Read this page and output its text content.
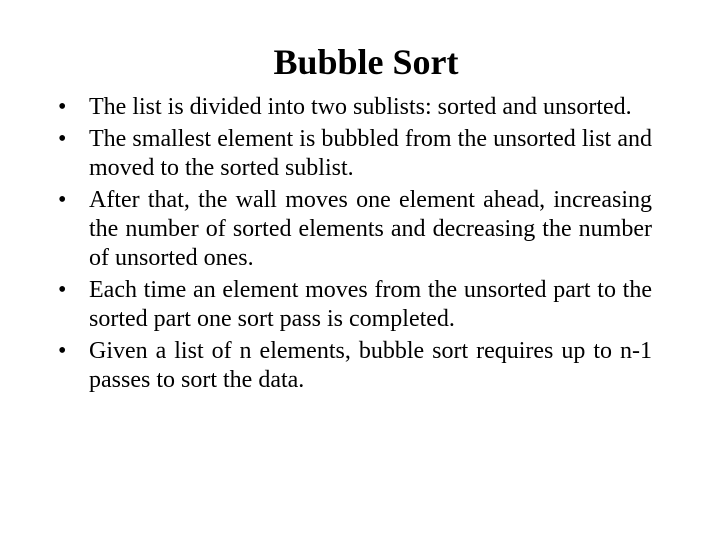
Bubble Sort
• The list is divided into two sublists: sorted and unsorted.
• The smallest element is bubbled from the unsorted list and moved to the sorted sublist.
• After that, the wall moves one element ahead, increasing the number of sorted elements and decreasing the number of unsorted ones.
• Each time an element moves from the unsorted part to the sorted part one sort pass is completed.
• Given a list of n elements, bubble sort requires up to n-1 passes to sort the data.
